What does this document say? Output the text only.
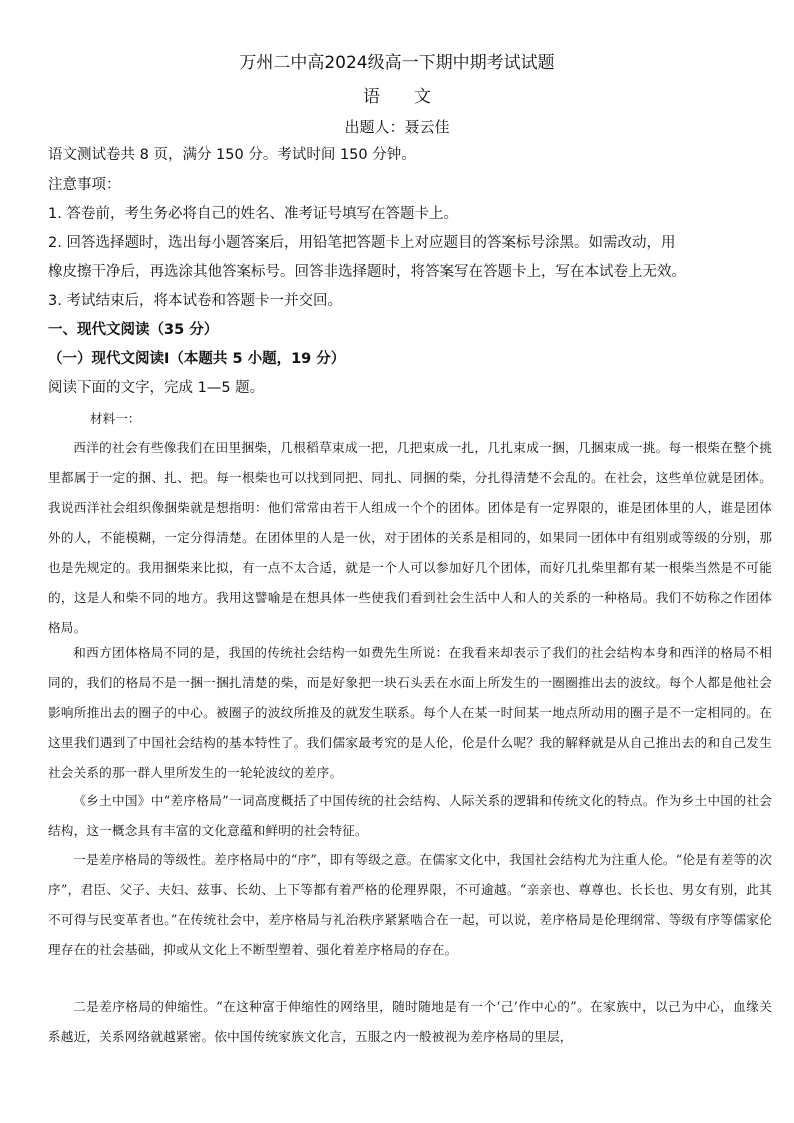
万州二中高2024级高一下期中期考试试题
语　　文
出题人：聂云佳
语文测试卷共 8 页，满分 150 分。考试时间 150 分钟。
注意事项：
1. 答卷前，考生务必将自己的姓名、准考证号填写在答题卡上。
2. 回答选择题时，选出每小题答案后，用铅笔把答题卡上对应题目的答案标号涂黑。如需改动，用
橡皮擦干净后，再选涂其他答案标号。回答非选择题时，将答案写在答题卡上，写在本试卷上无效。
3. 考试结束后，将本试卷和答题卡一并交回。
一、现代文阅读（35 分）
（一）现代文阅读Ⅰ（本题共 5 小题，19 分）
阅读下面的文字，完成 1—5 题。
材料一：
西洋的社会有些像我们在田里捆柴，几根稻草束成一把，几把束成一扎，几扎束成一捆，几捆束成一挑。每一根柴在整个挑里都属于一定的捆、扎、把。每一根柴也可以找到同把、同扎、同捆的柴，分扎得清楚不会乱的。在社会，这些单位就是团体。我说西洋社会组织像捆柴就是想指明：他们常常由若干人组成一个个的团体。团体是有一定界限的，谁是团体里的人，谁是团体外的人，不能模糊，一定分得清楚。在团体里的人是一伙，对于团体的关系是相同的，如果同一团体中有组别或等级的分别，那也是先规定的。我用捆柴来比拟，有一点不太合适，就是一个人可以参加好几个团体，而好几扎柴里都有某一根柴当然是不可能的，这是人和柴不同的地方。我用这譬喻是在想具体一些使我们看到社会生活中人和人的关系的一种格局。我们不妨称之作团体格局。
和西方团体格局不同的是，我国的传统社会结构一如费先生所说：在我看来却表示了我们的社会结构本身和西洋的格局不相同的，我们的格局不是一捆一捆扎清楚的柴，而是好象把一块石头丢在水面上所发生的一圈圈推出去的波纹。每个人都是他社会影响所推出去的圈子的中心。被圈子的波纹所推及的就发生联系。每个人在某一时间某一地点所动用的圈子是不一定相同的。在这里我们遇到了中国社会结构的基本特性了。我们儒家最考究的是人伦，伦是什么呢？我的解释就是从自己推出去的和自己发生社会关系的那一群人里所发生的一轮轮波纹的差序。
《乡土中国》中“差序格局”一词高度概括了中国传统的社会结构、人际关系的逻辑和传统文化的特点。作为乡土中国的社会结构，这一概念具有丰富的文化意蕴和鲜明的社会特征。
一是差序格局的等级性。差序格局中的“序”，即有等级之意。在儒家文化中，我国社会结构尤为注重人伦。“伦是有差等的次序”，君臣、父子、夫妇、兹事、长幼、上下等都有着严格的伦理界限，不可逾越。“亲亲也、尊尊也、长长也、男女有别，此其不可得与民变革者也。”在传统社会中，差序格局与礼治秩序紧紧啮合在一起，可以说，差序格局是伦理纲常、等级有序等儒家伦理存在的社会基础，抑或从文化上不断型塑着、强化着差序格局的存在。
二是差序格局的伸缩性。“在这种富于伸缩性的网络里，随时随地是有一个‘己’作中心的”。在家族中，以己为中心，血缘关系越近，关系网络就越紧密。依中国传统家族文化言，五服之内一般被视为差序格局的里层，
